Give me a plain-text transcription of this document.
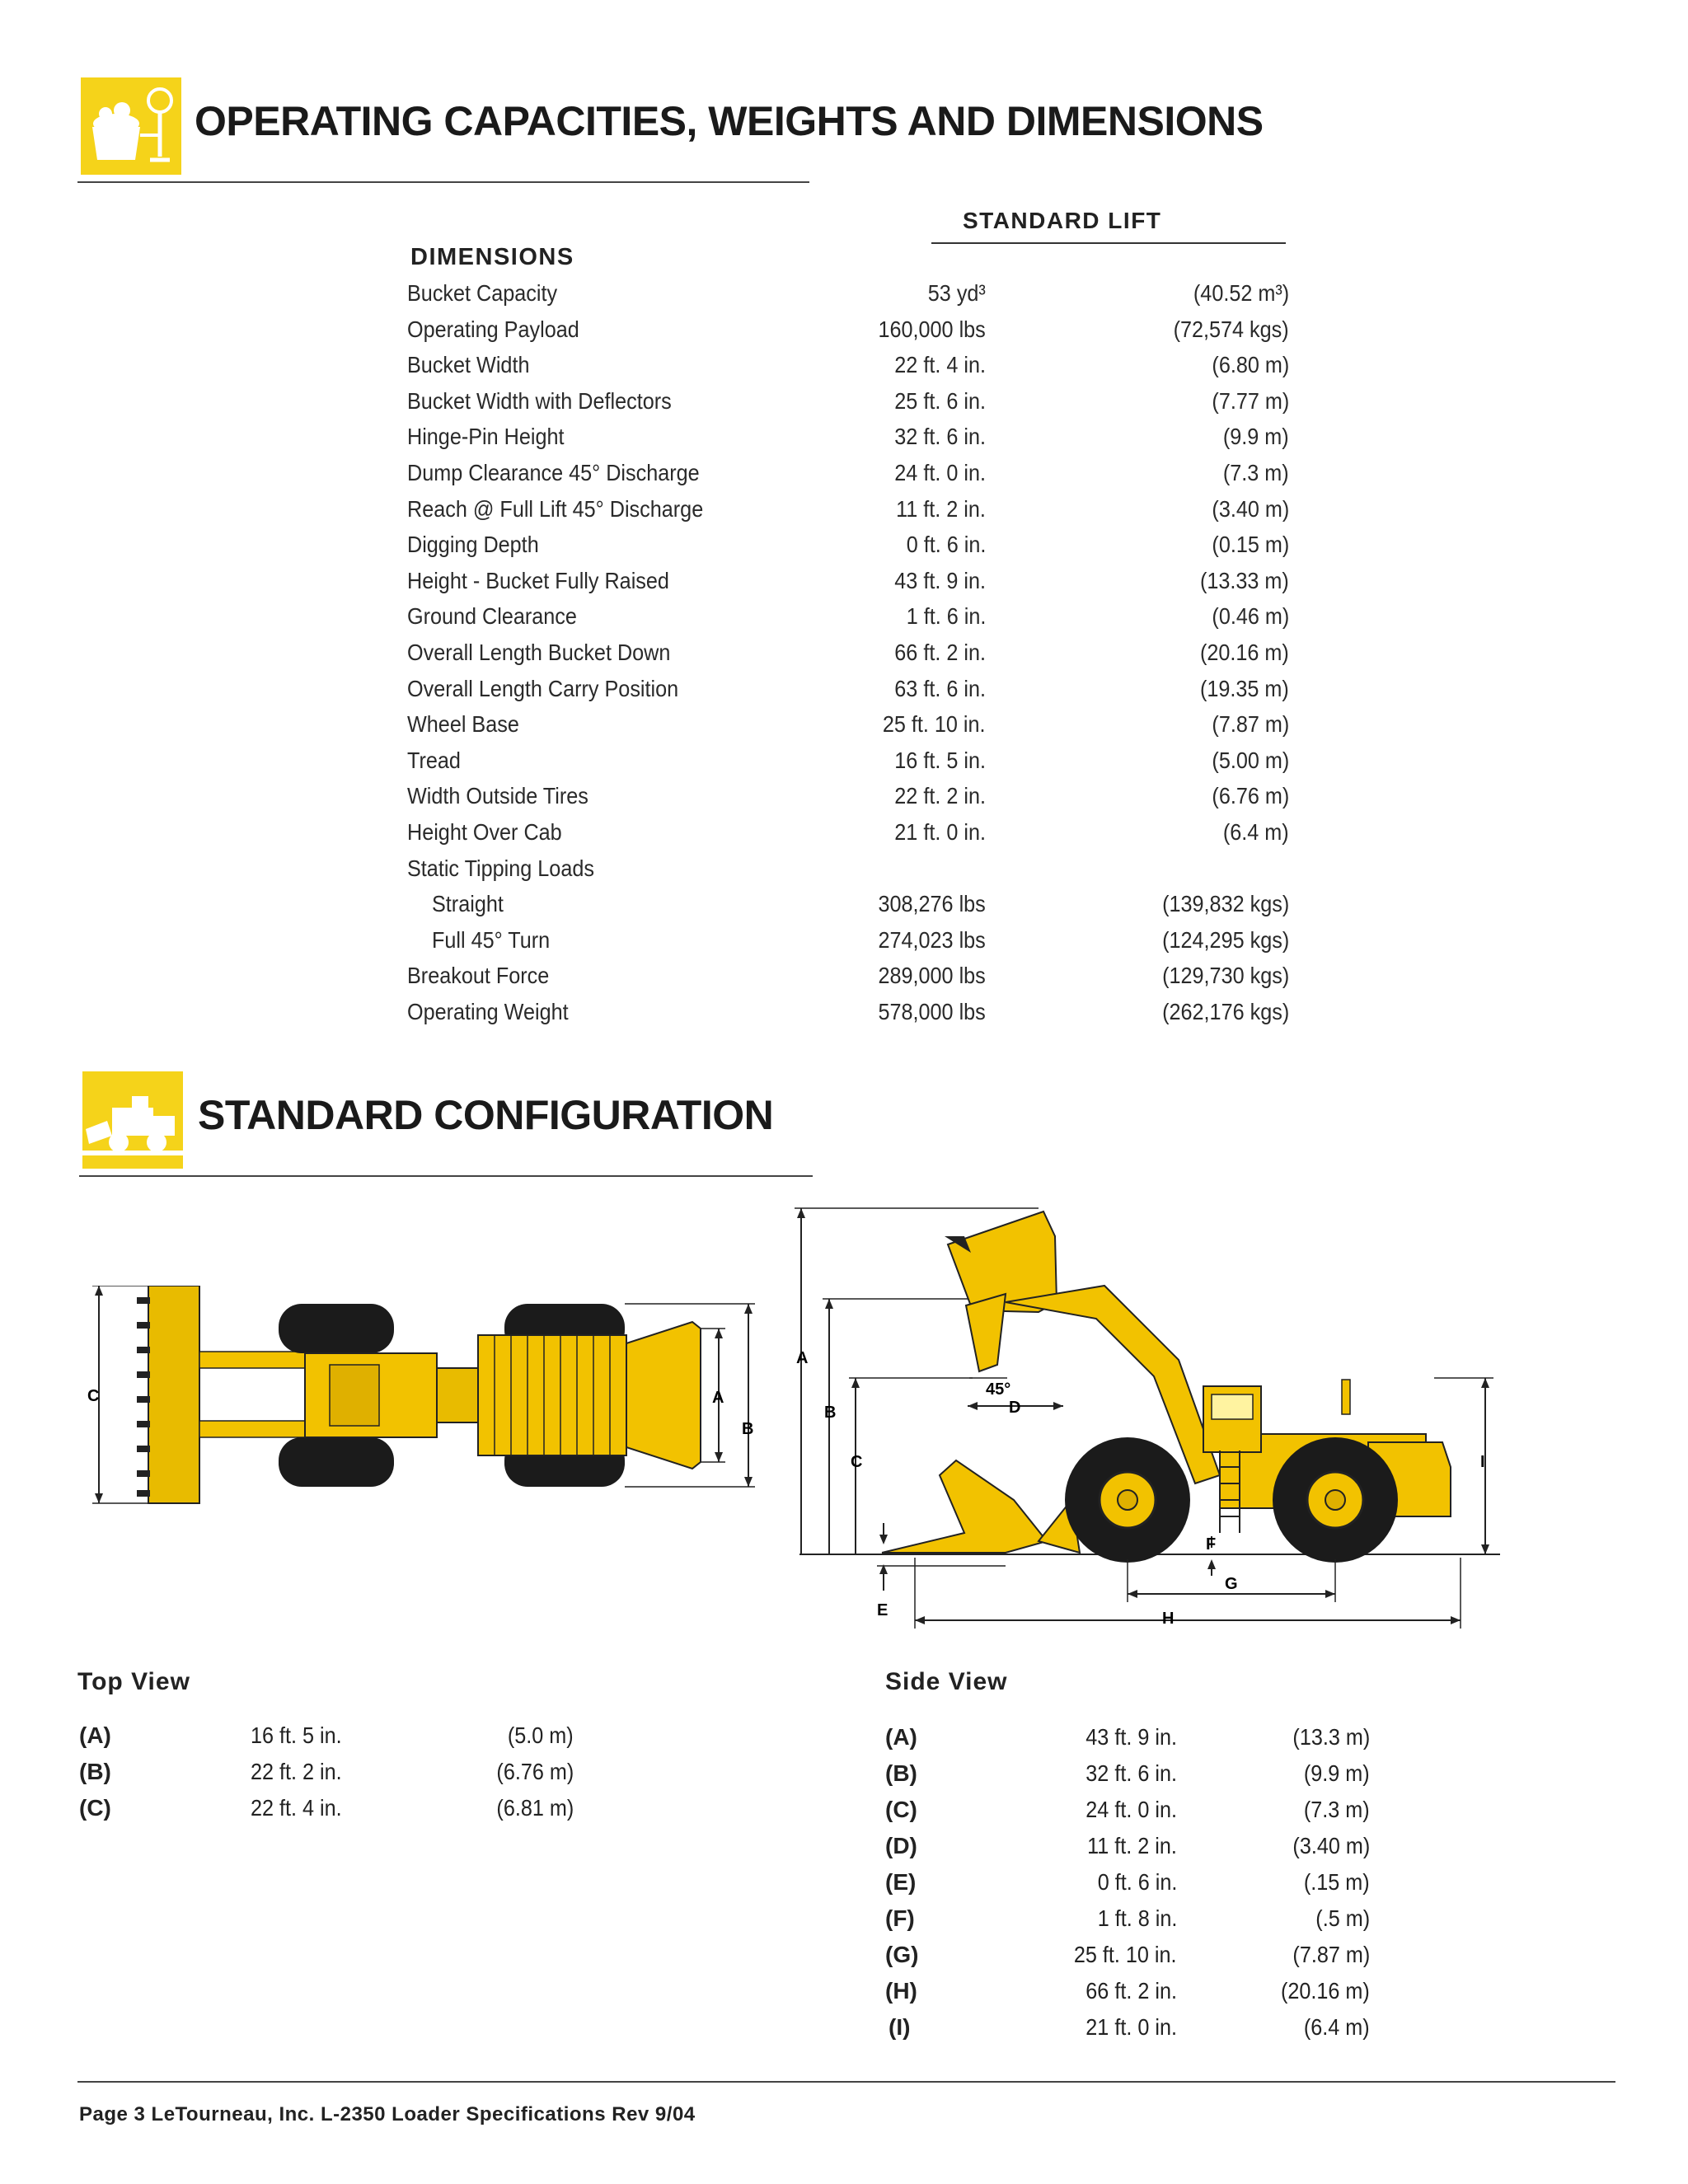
OPERATING CAPACITIES, WEIGHTS AND DIMENSIONS
STANDARD LIFT
DIMENSIONS
Bucket Capacity	53 yd³	(40.52 m³)
Operating Payload	160,000 lbs	(72,574 kgs)
Bucket Width	22 ft. 4 in.	(6.80 m)
Bucket Width with Deflectors	25 ft. 6 in.	(7.77 m)
Hinge-Pin Height	32 ft. 6 in.	(9.9 m)
Dump Clearance 45° Discharge	24 ft. 0 in.	(7.3 m)
Reach @ Full Lift 45° Discharge	11 ft. 2 in.	(3.40 m)
Digging Depth	0 ft. 6 in.	(0.15 m)
Height - Bucket Fully Raised	43 ft. 9 in.	(13.33 m)
Ground Clearance	1 ft. 6 in.	(0.46 m)
Overall Length Bucket Down	66 ft. 2 in.	(20.16 m)
Overall Length Carry Position	63 ft. 6 in.	(19.35 m)
Wheel Base	25 ft. 10 in.	(7.87 m)
Tread	16 ft. 5 in.	(5.00 m)
Width Outside Tires	22 ft. 2 in.	(6.76 m)
Height Over Cab	21 ft. 0 in.	(6.4 m)
Static Tipping Loads
Straight	308,276 lbs	(139,832 kgs)
Full 45° Turn	274,023 lbs	(124,295 kgs)
Breakout Force	289,000 lbs	(129,730 kgs)
Operating Weight	578,000 lbs	(262,176 kgs)
STANDARD CONFIGURATION
C	A
B
A
B
C
E
45°
D
I
F
G
H
Top View
(A)	16 ft. 5 in.	(5.0 m)
(B)	22 ft. 2 in.	(6.76 m)
(C)	22 ft. 4 in.	(6.81 m)
Side View
(A)	43 ft. 9 in.	(13.3 m)
(B)	32 ft. 6 in.	(9.9 m)
(C)	24 ft. 0 in.	(7.3 m)
(D)	11 ft. 2 in.	(3.40 m)
(E)	0 ft. 6 in.	(.15 m)
(F)	1 ft. 8 in.	(.5 m)
(G)	25 ft. 10 in.	(7.87 m)
(H)	66 ft. 2 in.	(20.16 m)
(I)	21 ft. 0 in.	(6.4 m)
Page 3 LeTourneau, Inc. L-2350 Loader Specifications Rev 9/04
